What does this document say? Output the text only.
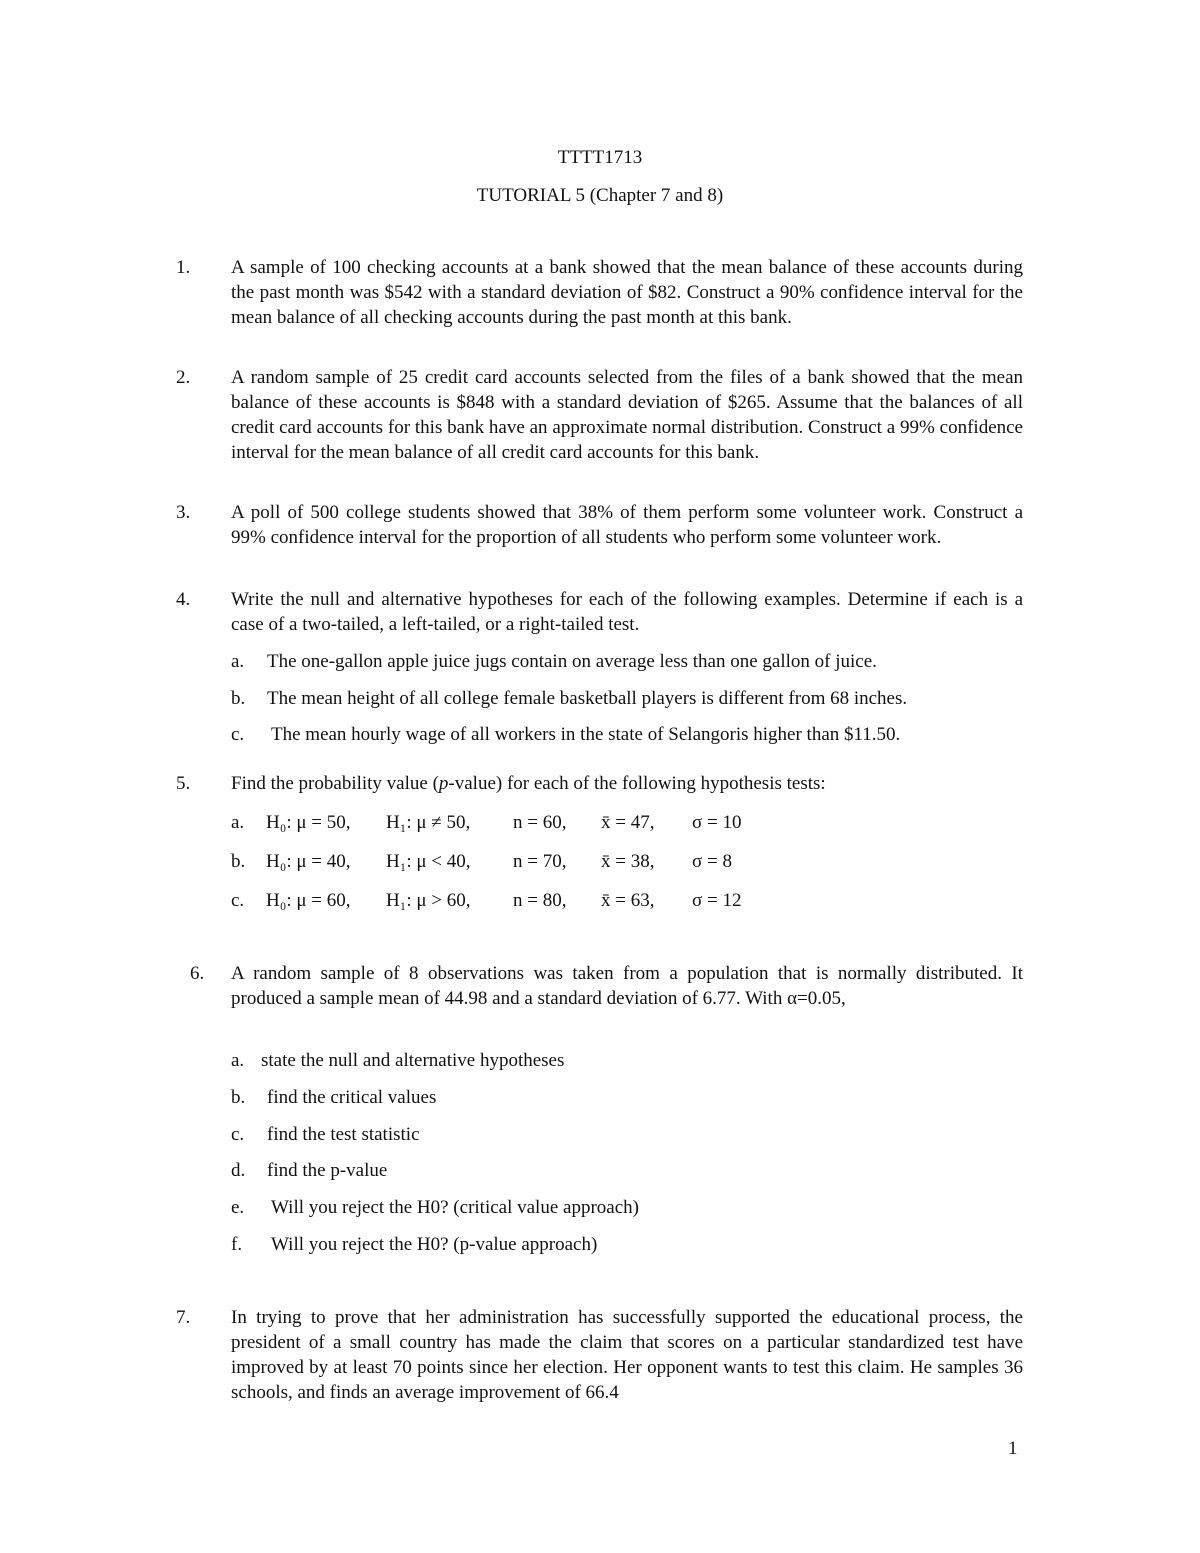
TTTT1713
TUTORIAL 5 (Chapter 7 and 8)
1. A sample of 100 checking accounts at a bank showed that the mean balance of these accounts during the past month was $542 with a standard deviation of $82. Construct a 90% confidence interval for the mean balance of all checking accounts during the past month at this bank.
2. A random sample of 25 credit card accounts selected from the files of a bank showed that the mean balance of these accounts is $848 with a standard deviation of $265. Assume that the balances of all credit card accounts for this bank have an approximate normal distribution. Construct a 99% confidence interval for the mean balance of all credit card accounts for this bank.
3. A poll of 500 college students showed that 38% of them perform some volunteer work. Construct a 99% confidence interval for the proportion of all students who perform some volunteer work.
4. Write the null and alternative hypotheses for each of the following examples. Determine if each is a case of a two-tailed, a left-tailed, or a right-tailed test.
a. The one-gallon apple juice jugs contain on average less than one gallon of juice.
b. The mean height of all college female basketball players is different from 68 inches.
c. The mean hourly wage of all workers in the state of Selangoris higher than $11.50.
5. Find the probability value (p-value) for each of the following hypothesis tests:
a. H₀: μ = 50, H₁: μ ≠ 50, n = 60, x̄ = 47, σ = 10
b. H₀: μ = 40, H₁: μ < 40, n = 70, x̄ = 38, σ = 8
c. H₀: μ = 60, H₁: μ > 60, n = 80, x̄ = 63, σ = 12
6. A random sample of 8 observations was taken from a population that is normally distributed. It produced a sample mean of 44.98 and a standard deviation of 6.77. With α=0.05,
a. state the null and alternative hypotheses
b. find the critical values
c. find the test statistic
d. find the p-value
e. Will you reject the H0? (critical value approach)
f. Will you reject the H0? (p-value approach)
7. In trying to prove that her administration has successfully supported the educational process, the president of a small country has made the claim that scores on a particular standardized test have improved by at least 70 points since her election. Her opponent wants to test this claim. He samples 36 schools, and finds an average improvement of 66.4
1
